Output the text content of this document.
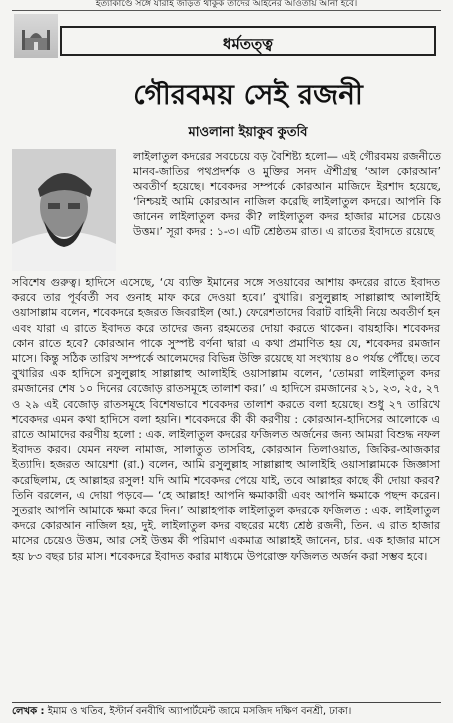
ইত্যাকাণ্ডে সঙ্গে যারাই জড়িত থাকুক তাদের আইনের আওতায় আনা হবে।
ধর্মতত্ত্ব
গৌরবময় সেই রজনী
মাওলানা ইয়াকুব কুতবি

লাইলাতুল কদরের সবচেয়ে বড় বৈশিষ্ট্য হলো— এই গৌরবময় রজনীতে মানব-জাতির পথপ্রদর্শক ও মুক্তির সনদ ঐশীগ্রন্থ ‘আল কোরআন’ অবতীর্ণ হয়েছে। শবেকদর সম্পর্কে কোরআন মাজিদে ইরশাদ হয়েছে, ‘নিশ্চয়ই আমি কোরআন নাজিল করেছি লাইলাতুল কদরে। আপনি কি জানেন লাইলাতুল কদর কী? লাইলাতুল কদর হাজার মাসের চেয়েও উত্তম।’ সূরা কদর : ১-৩। এটি শ্রেষ্ঠতম রাত। এ রাতের ইবাদতে রয়েছে

সবিশেষ গুরুত্ব। হাদিসে এসেছে, ‘যে ব্যক্তি ইমানের সঙ্গে সওয়াবের আশায় কদরের রাতে ইবাদত করবে তার পূর্ববর্তী সব গুনাহ মাফ করে দেওয়া হবে।’ বুখারি। রসুলুল্লাহ সাল্লাল্লাহু আলাইহি ওয়াসাল্লাম বলেন, শবেকদরে হজরত জিবরাইল (আ.) ফেরেশতাদের বিরাট বাহিনী নিয়ে অবতীর্ণ হন এবং যারা এ রাতে ইবাদত করে তাদের জন্য রহমতের দোয়া করতে থাকেন। বায়হাকি। শবেকদর কোন রাতে হবে? কোরআন পাকে সুস্পষ্ট বর্ণনা দ্বারা এ কথা প্রমাণিত হয় যে, শবেকদর রমজান মাসে। কিন্তু সঠিক তারিখ সম্পর্কে আলেমদের বিভিন্ন উক্তি রয়েছে যা সংখ্যায় ৪০ পর্যন্ত পৌঁছে। তবে বুখারির এক হাদিসে রসুলুল্লাহ সাল্লাল্লাহু আলাইহি ওয়াসাল্লাম বলেন, ‘তোমরা লাইলাতুল কদর রমজানের শেষ ১০ দিনের বেজোড় রাতসমূহে তালাশ কর।’ এ হাদিসে রমজানের ২১, ২৩, ২৫, ২৭ ও ২৯ এই বেজোড় রাতসমূহে বিশেষভাবে শবেকদর তালাশ করতে বলা হয়েছে। শুধু ২৭ তারিখে শবেকদর এমন কথা হাদিসে বলা হয়নি। শবেকদরে কী কী করণীয় : কোরআন-হাদিসের আলোকে এ রাতে আমাদের করণীয় হলো : এক. লাইলাতুল কদরের ফজিলত অর্জনের জন্য আমরা বিশুদ্ধ নফল ইবাদত করব। যেমন নফল নামাজ, সালাতুত তাসবিহ, কোরআন তিলাওয়াত, জিকির-আজকার ইত্যাদি। হজরত আয়েশা (রা.) বলেন, আমি রসুলুল্লাহ সাল্লাল্লাহু আলাইহি ওয়াসাল্লামকে জিজ্ঞাসা করেছিলাম, হে আল্লাহর রসুল! যদি আমি শবেকদর পেয়ে যাই, তবে আল্লাহর কাছে কী দোয়া করব? তিনি বরলেন, এ দোয়া পড়বে— ‘হে আল্লাহ! আপনি ক্ষমাকারী এবং আপনি ক্ষমাকে পছন্দ করেন। সুতরাং আপনি আমাকে ক্ষমা করে দিন।’ আল্লাহপাক লাইলাতুল কদরকে ফজিলত : এক. লাইলাতুল কদরে কোরআন নাজিল হয়, দুই. লাইলাতুল কদর বছরের মধ্যে শ্রেষ্ঠ রজনী, তিন. এ রাত হাজার মাসের চেয়েও উত্তম, আর সেই উত্তম কী পরিমাণ একমাত্র আল্লাহই জানেন, চার. এক হাজার মাসে হয় ৮৩ বছর চার মাস। শবেকদরে ইবাদত করার মাধ্যমে উপরোক্ত ফজিলত অর্জন করা সম্ভব হবে।

লেখক : ইমাম ও খতিব, ইস্টার্ন বনবীথি অ্যাপার্টমেন্ট জামে মসজিদ দক্ষিণ বনশ্রী, ঢাকা।
